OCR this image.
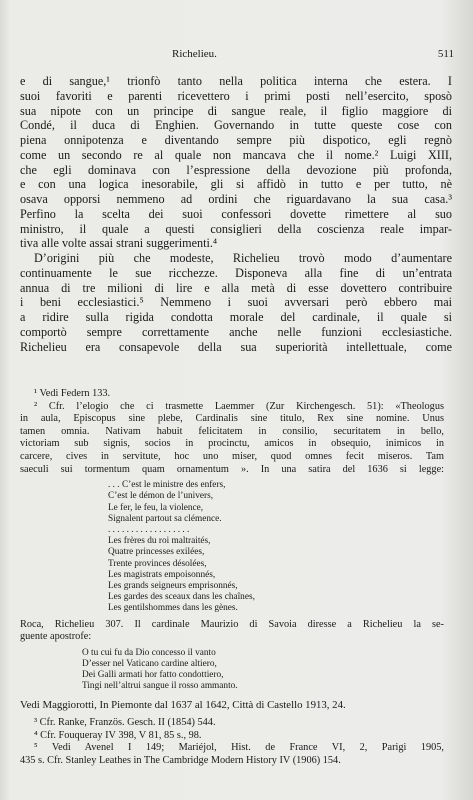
Richelieu.	511
e di sangue,¹ trionfò tanto nella politica interna che estera. I
suoi favoriti e parenti ricevettero i primi posti nell’esercito, sposò
sua nipote con un principe di sangue reale, il figlio maggiore di
Condé, il duca di Enghien. Governando in tutte queste cose con
piena onnipotenza e diventando sempre più dispotico, egli regnò
come un secondo re al quale non mancava che il nome.² Luigi XIII,
che egli dominava con l’espressione della devozione più profonda,
e con una logica inesorabile, gli si affidò in tutto e per tutto, nè
osava opporsi nemmeno ad ordini che riguardavano la sua casa.³
Perfino la scelta dei suoi confessori dovette rimettere al suo
ministro, il quale a questi consiglieri della coscienza reale impar-
tiva alle volte assai strani suggerimenti.⁴
D’origini più che modeste, Richelieu trovò modo d’aumentare
continuamente le sue ricchezze. Disponeva alla fine di un’entrata
annua di tre milioni di lire e alla metà di esse dovettero contribuire
i beni ecclesiastici.⁵ Nemmeno i suoi avversari però ebbero mai
a ridire sulla rigida condotta morale del cardinale, il quale si
comportò sempre correttamente anche nelle funzioni ecclesiastiche.
Richelieu era consapevole della sua superiorità intellettuale, come
¹ Vedi Federn 133.
² Cfr. l’elogio che ci trasmette Laemmer (Zur Kirchengesch. 51): «Theologus
in aula, Episcopus sine plebe, Cardinalis sine titulo, Rex sine nomine. Unus
tamen omnia. Nativam habuit felicitatem in consilio, securitatem in bello,
victoriam sub signis, socios in procinctu, amicos in obsequio, inimicos in
carcere, cives in servitute, hoc uno miser, quod omnes fecit miseros. Tam
saeculi sui tormentum quam ornamentum ». In una satira del 1636 si legge:
. . . C’est le ministre des enfers,
C’est le démon de l’univers,
Le fer, le feu, la violence,
Signalent partout sa clémence.
. . . . . . . . . . . . . . . . . .
Les frères du roi maltraités,
Quatre princesses exilées,
Trente provinces désolées,
Les magistrats empoisonnés,
Les grands seigneurs emprisonnés,
Les gardes des sceaux dans les chaînes,
Les gentilshommes dans les gènes.
Roca, Richelieu 307. Il cardinale Maurizio di Savoia diresse a Richelieu la se-
guente apostrofe:
O tu cui fu da Dio concesso il vanto
D’esser nel Vaticano cardine altiero,
Dei Galli armati hor fatto condottiero,
Tingi nell’altrui sangue il rosso ammanto.
Vedi Maggiorotti, In Piemonte dal 1637 al 1642, Città di Castello 1913, 24.
³ Cfr. Ranke, Französ. Gesch. II (1854) 544.
⁴ Cfr. Fouqueray IV 398, V 81, 85 s., 98.
⁵ Vedi Avenel I 149; Mariéjol, Hist. de France VI, 2, Parigi 1905,
435 s. Cfr. Stanley Leathes in The Cambridge Modern History IV (1906) 154.
